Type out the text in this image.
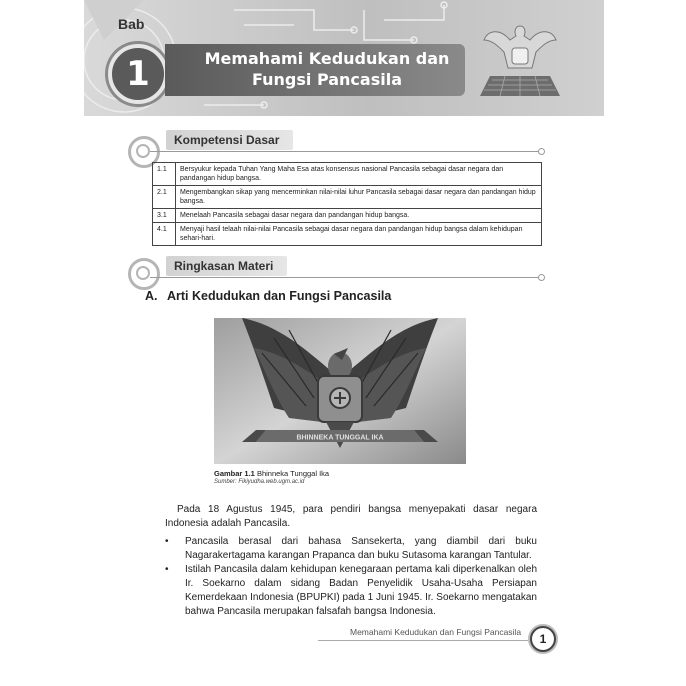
Bab
1	Memahami Kedudukan dan
Fungsi Pancasila
Kompetensi Dasar
1.1	Bersyukur kepada Tuhan Yang Maha Esa atas konsensus nasional Pancasila sebagai dasar negara dan pandangan hidup bangsa.
2.1	Mengembangkan sikap yang mencerminkan nilai-nilai luhur Pancasila sebagai dasar negara dan pandangan hidup bangsa.
3.1	Menelaah Pancasila sebagai dasar negara dan pandangan hidup bangsa.
4.1	Menyaji hasil telaah nilai-nilai Pancasila sebagai dasar negara dan pandangan hidup bangsa dalam kehidupan sehari-hari.
Ringkasan Materi
A. Arti Kedudukan dan Fungsi Pancasila
BHINNEKA TUNGGAL IKA
Gambar 1.1 Bhinneka Tunggal Ika
Sumber: Fikiyudha.web.ugm.ac.id
Pada 18 Agustus 1945, para pendiri bangsa menyepakati dasar negara Indonesia adalah Pancasila.
• Pancasila berasal dari bahasa Sansekerta, yang diambil dari buku Nagarakertagama karangan Prapanca dan buku Sutasoma karangan Tantular.
• Istilah Pancasila dalam kehidupan kenegaraan pertama kali diperkenalkan oleh Ir. Soekarno dalam sidang Badan Penyelidik Usaha-Usaha Persiapan Kemerdekaan Indonesia (BPUPKI) pada 1 Juni 1945. Ir. Soekarno mengatakan bahwa Pancasila merupakan falsafah bangsa Indonesia.
Memahami Kedudukan dan Fungsi Pancasila	1
